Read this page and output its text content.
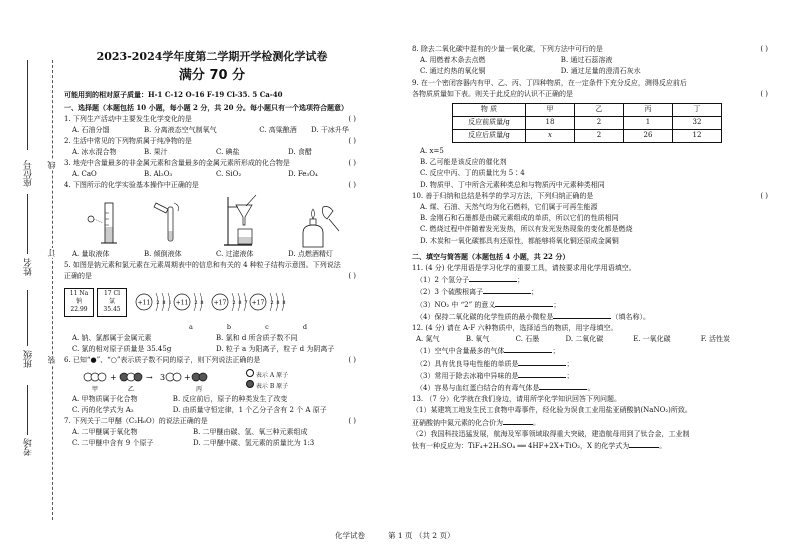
座位号
姓名
班级
考场
线
订
装
2023-2024学年度第二学期开学检测化学试卷
满分 70 分
可能用到的相对原子质量：H-1 C-12 O-16 F-19 Cl-35. 5 Ca-40
一、选择题（本题包括 10 小题，每小题 2 分，共 20 分。每小题只有一个选项符合题意）
1. 下列生产活动中主要发生化学变化的是	( )
A. 石油分馏	B. 分离液态空气制氧气	C. 高粱酿酒	D. 干冰升华
2. 生活中常见的下列物质属于纯净物的是	( )
A. 冰水混合物	B. 果汁	C. 碘盐	D. 食醋
3. 地壳中含量最多的非金属元素和含量最多的金属元素所形成的化合物是	( )
A. CaO	B. Al₂O₃	C. SiO₂	D. Fe₃O₄
4. 下图所示的化学实验基本操作中正确的是	( )
A. 量取液体	B. 倾倒液体	C. 过滤液体	D. 点燃酒精灯
5. 如图是钠元素和氯元素在元素周期表中的信息和有关的 4 种粒子结构示意图。下列说法
正确的是	( )
11 Na
钠
22.99
17 Cl
氯
35.45
+11 2 8 1 +11 2 8 +17 2 8 7 +17 2 8 8
a	b	c	d
A. 钠、氯都属于金属元素	B. 氯和 d 所含质子数不同
C. 氯的相对原子质量是 35.45g	D. 粒子 a 为阳离子，粒子 d 为阴离子
6. 已知“●”、“○”表示质子数不同的原子，则下列说法正确的是	( )
+	→ 3 +
甲	乙	丙
表示 A 原子
表示 B 原子
A. 甲物质属于化合物	B. 反应前后，原子的种类发生了改变
C. 丙的化学式为 A₂	D. 由质量守恒定律，1 个乙分子含有 2 个 A 原子
7. 下列关于二甲醚（C₂H₆O）的说法正确的是	( )
A. 二甲醚属于氧化物	B. 二甲醚由碳、氢、氧三种元素组成
C. 二甲醚中含有 9 个原子	D. 二甲醚中碳、氢元素的质量比为 1:3
8. 除去二氧化碳中混有的少量一氧化碳，下列方法中可行的是	( )
A. 用燃着木条去点燃	B. 通过石蕊溶液
C. 通过灼热的氧化铜	D. 通过足量的澄清石灰水
9. 在一个密闭容器内有甲、乙、丙、丁四种物质，在一定条件下充分反应，测得反应前后
各物质质量如下表。则关于此反应的认识不正确的是	( )
物 质	甲	乙	丙	丁
反应前质量/g	18	2	1	32
反应后质量/g	x	2	26	12
A. x=5
B. 乙可能是该反应的催化剂
C. 反应中丙、丁的质量比为 5∶4
D. 物质甲、丁中所含元素种类总和与物质丙中元素种类相同
10. 善于归纳和总结是科学的学习方法，下列归纳正确的是	( )
A. 煤、石油、天然气均为化石燃料，它们属于可再生能源
B. 金刚石和石墨都是由碳元素组成的单质，所以它们的性质相同
C. 燃烧过程中伴随着发光发热，所以有发光发热现象的变化都是燃烧
D. 木炭和一氧化碳都具有还原性，都能够将氧化铜还原成金属铜
二、填空与简答题（本题包括 4 小题，共 22 分）
11. (4 分) 化学用语是学习化学的重要工具，请按要求用化学用语填空。
（1）2 个氢分子	；
（2）3 个硫酸根离子	；
（3）NO₂ 中 “2” 的意义	；
（4）保持二氧化碳的化学性质的最小微粒是	（填名称）。
12. (4 分) 请在 A-F 六种物质中，选择适当的物质，用字母填空。
A. 氮气	B. 氧气	C. 石墨	D. 二氧化碳	E. 一氧化碳	F. 活性炭
（1）空气中含量最多的气体	；
（2）具有优良导电性能的单质是	；
（3）常用于除去冰箱中异味的是	；
（4）容易与血红蛋白结合的有毒气体是	。
13. （7 分）化学就在我们身边，请用所学化学知识回答下列问题。
（1）某建筑工地发生民工食物中毒事件，经化验为误食工业用盐亚硝酸钠(NaNO₂)所致。
亚硝酸钠中氮元素的化合价为	。
（2）我国科技迅猛发展，航海及军事领域取得重大突破，建造航母用到了钛合金，工业制
钛有一种反应为：TiF₄+2H₂SO₄ ══ 4HF+2X+TiO₂，X 的化学式为	。
化学试卷	第 1 页 （共 2 页）
